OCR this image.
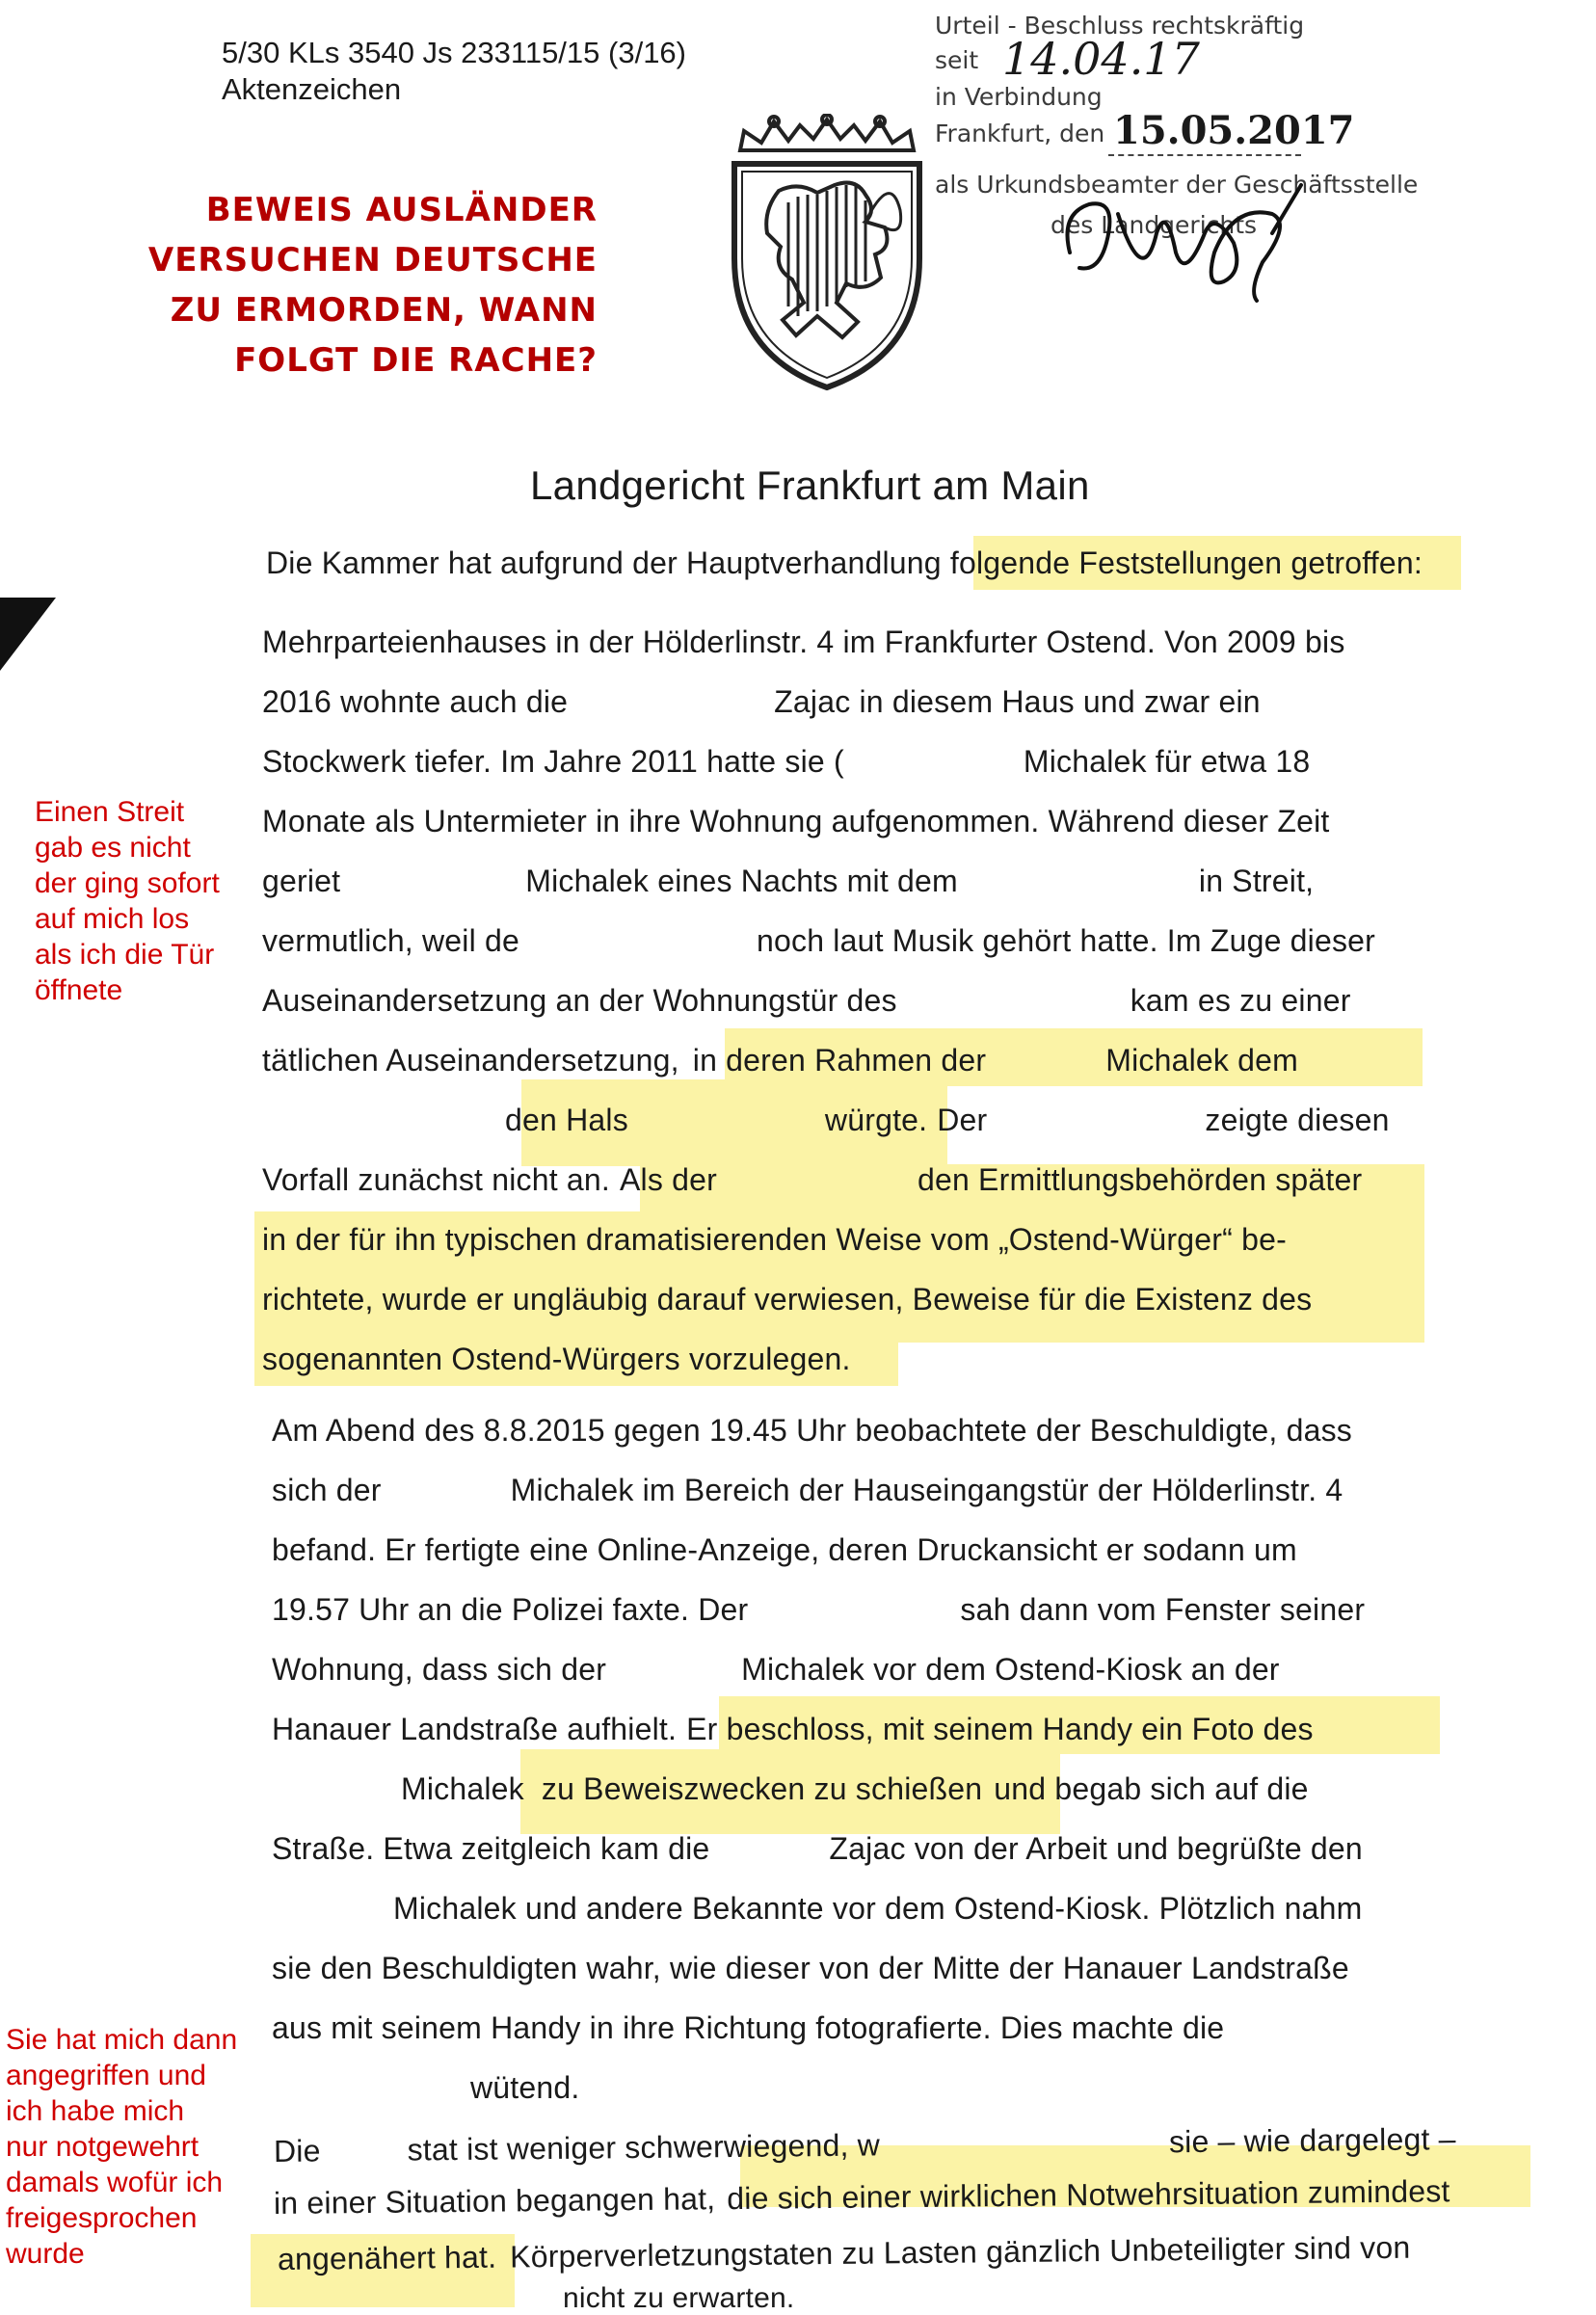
5/30 KLs 3540 Js 233115/15 (3/16)
Aktenzeichen
BEWEIS AUSLÄNDER
VERSUCHEN DEUTSCHE
ZU ERMORDEN, WANN
FOLGT DIE RACHE?
Urteil - Beschluss rechtskräftig
seit 14.04.17
in Verbindung
Frankfurt, den 15.05.2017
als Urkundsbeamter der Geschäftsstelle
des Landgerichts
Landgericht Frankfurt am Main
Die Kammer hat aufgrund der Hauptverhandlung folgende Feststellungen getroffen:
Mehrparteienhauses in der Hölderlinstr. 4 im Frankfurter Ostend. Von 2009 bis
2016 wohnte auch die	Zajac in diesem Haus und zwar ein
Stockwerk tiefer. Im Jahre 2011 hatte sie (	Michalek für etwa 18
Monate als Untermieter in ihre Wohnung aufgenommen. Während dieser Zeit
geriet	Michalek eines Nachts mit dem	in Streit,
vermutlich, weil de	noch laut Musik gehört hatte. Im Zuge dieser
Auseinandersetzung an der Wohnungstür des	kam es zu einer
tätlichen Auseinandersetzung, in deren Rahmen der	Michalek dem
den Hals	würgte. Der	zeigte diesen
Vorfall zunächst nicht an. Als der	den Ermittlungsbehörden später
in der für ihn typischen dramatisierenden Weise vom „Ostend-Würger“ be-
richtete, wurde er ungläubig darauf verwiesen, Beweise für die Existenz des
sogenannten Ostend-Würgers vorzulegen.
Am Abend des 8.8.2015 gegen 19.45 Uhr beobachtete der Beschuldigte, dass
sich der	Michalek im Bereich der Hauseingangstür der Hölderlinstr. 4
befand. Er fertigte eine Online-Anzeige, deren Druckansicht er sodann um
19.57 Uhr an die Polizei faxte. Der	sah dann vom Fenster seiner
Wohnung, dass sich der	Michalek vor dem Ostend-Kiosk an der
Hanauer Landstraße aufhielt. Er beschloss, mit seinem Handy ein Foto des
Michalek zu Beweiszwecken zu schießen und begab sich auf die
Straße. Etwa zeitgleich kam die	Zajac von der Arbeit und begrüßte den
Michalek und andere Bekannte vor dem Ostend-Kiosk. Plötzlich nahm
sie den Beschuldigten wahr, wie dieser von der Mitte der Hanauer Landstraße
aus mit seinem Handy in ihre Richtung fotografierte. Dies machte die
wütend.
Die	stat ist weniger schwerwiegend, w	sie – wie dargelegt –
in einer Situation begangen hat, die sich einer wirklichen Notwehrsituation zumindest
angenähert hat. Körperverletzungstaten zu Lasten gänzlich Unbeteiligter sind von
nicht zu erwarten.
Einen Streit
gab es nicht
der ging sofort
auf mich los
als ich die Tür
öffnete
Sie hat mich dann
angegriffen und
ich habe mich
nur notgewehrt
damals wofür ich
freigesprochen
wurde
